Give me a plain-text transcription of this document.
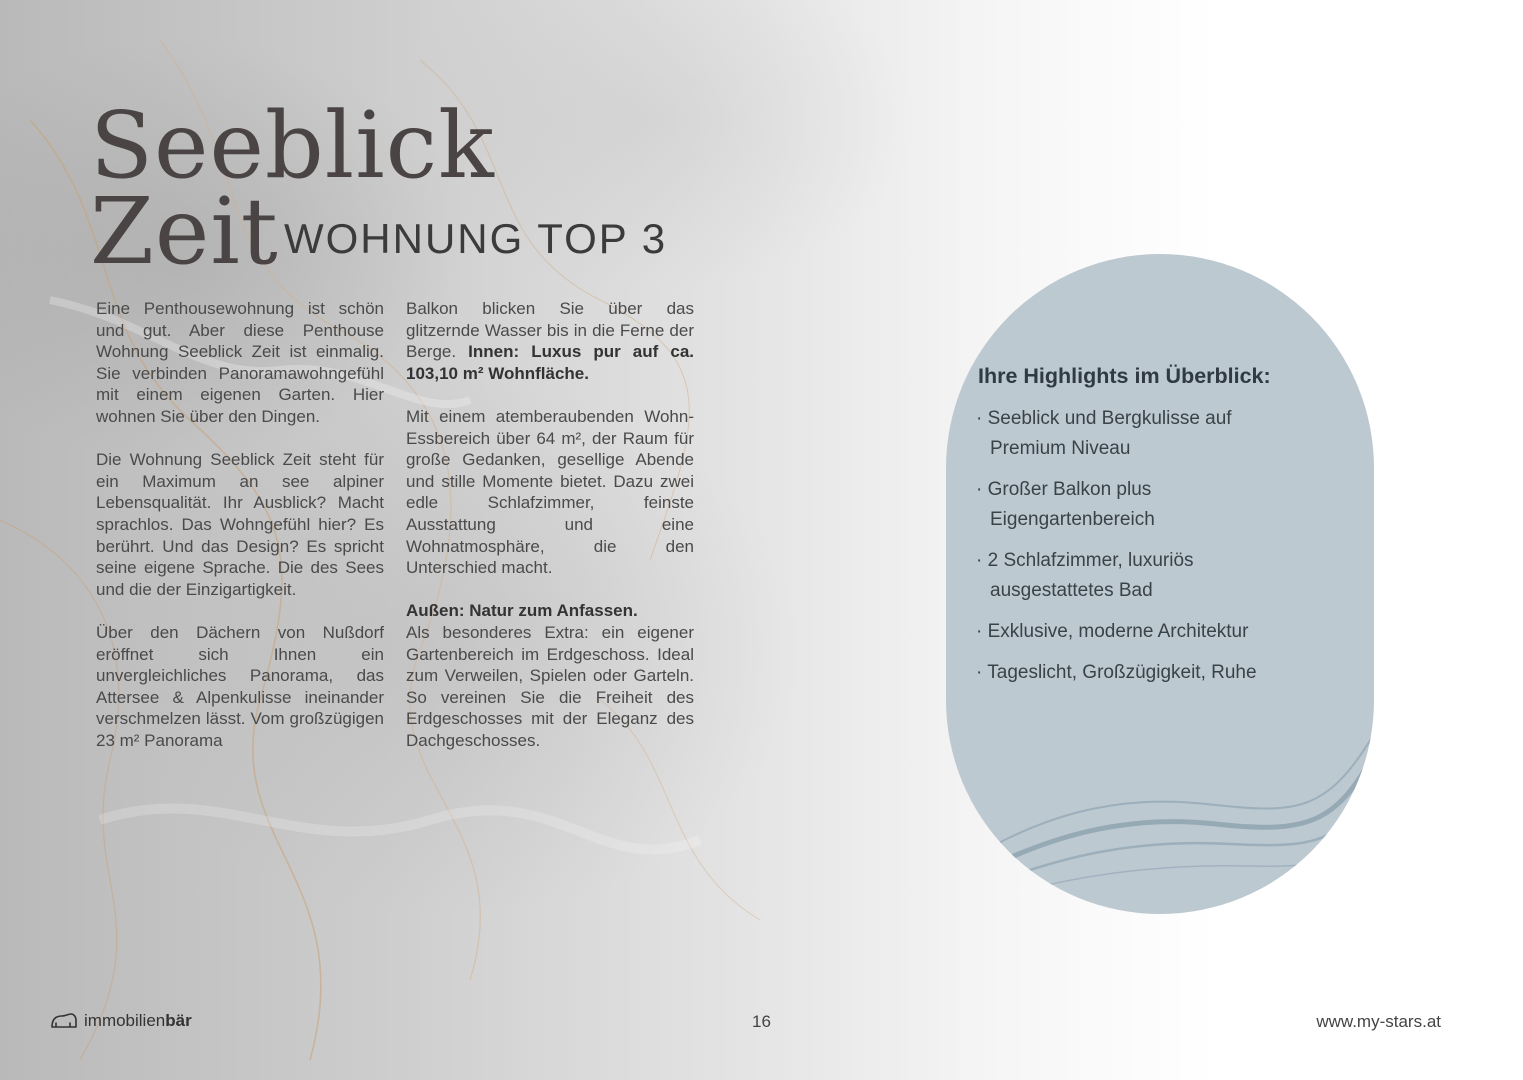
Seeblick
Zeit WOHNUNG TOP 3

Eine Penthousewohnung ist schön und gut. Aber diese Penthouse Wohnung Seeblick Zeit ist einmalig. Sie verbinden Panoramawohngefühl mit einem eigenen Garten. Hier wohnen Sie über den Dingen.

Die Wohnung Seeblick Zeit steht für ein Maximum an see alpiner Lebensqualität. Ihr Ausblick? Macht sprachlos. Das Wohngefühl hier? Es berührt. Und das Design? Es spricht seine eigene Sprache. Die des Sees und die der Einzigartigkeit.

Über den Dächern von Nußdorf eröffnet sich Ihnen ein unvergleichliches Panorama, das Attersee & Alpenkulisse ineinander verschmelzen lässt. Vom großzügigen 23 m² Panorama

Balkon blicken Sie über das glitzernde Wasser bis in die Ferne der Berge. Innen: Luxus pur auf ca. 103,10 m² Wohnfläche.

Mit einem atemberaubenden Wohn-Essbereich über 64 m², der Raum für große Gedanken, gesellige Abende und stille Momente bietet. Dazu zwei edle Schlafzimmer, feinste Ausstattung und eine Wohnatmosphäre, die den Unterschied macht.

Außen: Natur zum Anfassen.
Als besonderes Extra: ein eigener Gartenbereich im Erdgeschoss. Ideal zum Verweilen, Spielen oder Garteln. So vereinen Sie die Freiheit des Erdgeschosses mit der Eleganz des Dachgeschosses.

Ihre Highlights im Überblick:
· Seeblick und Bergkulisse auf
Premium Niveau
· Großer Balkon plus
Eigengartenbereich
· 2 Schlafzimmer, luxuriös
ausgestattetes Bad
· Exklusive, moderne Architektur
· Tageslicht, Großzügigkeit, Ruhe
immobilienbär	16	www.my-stars.at
